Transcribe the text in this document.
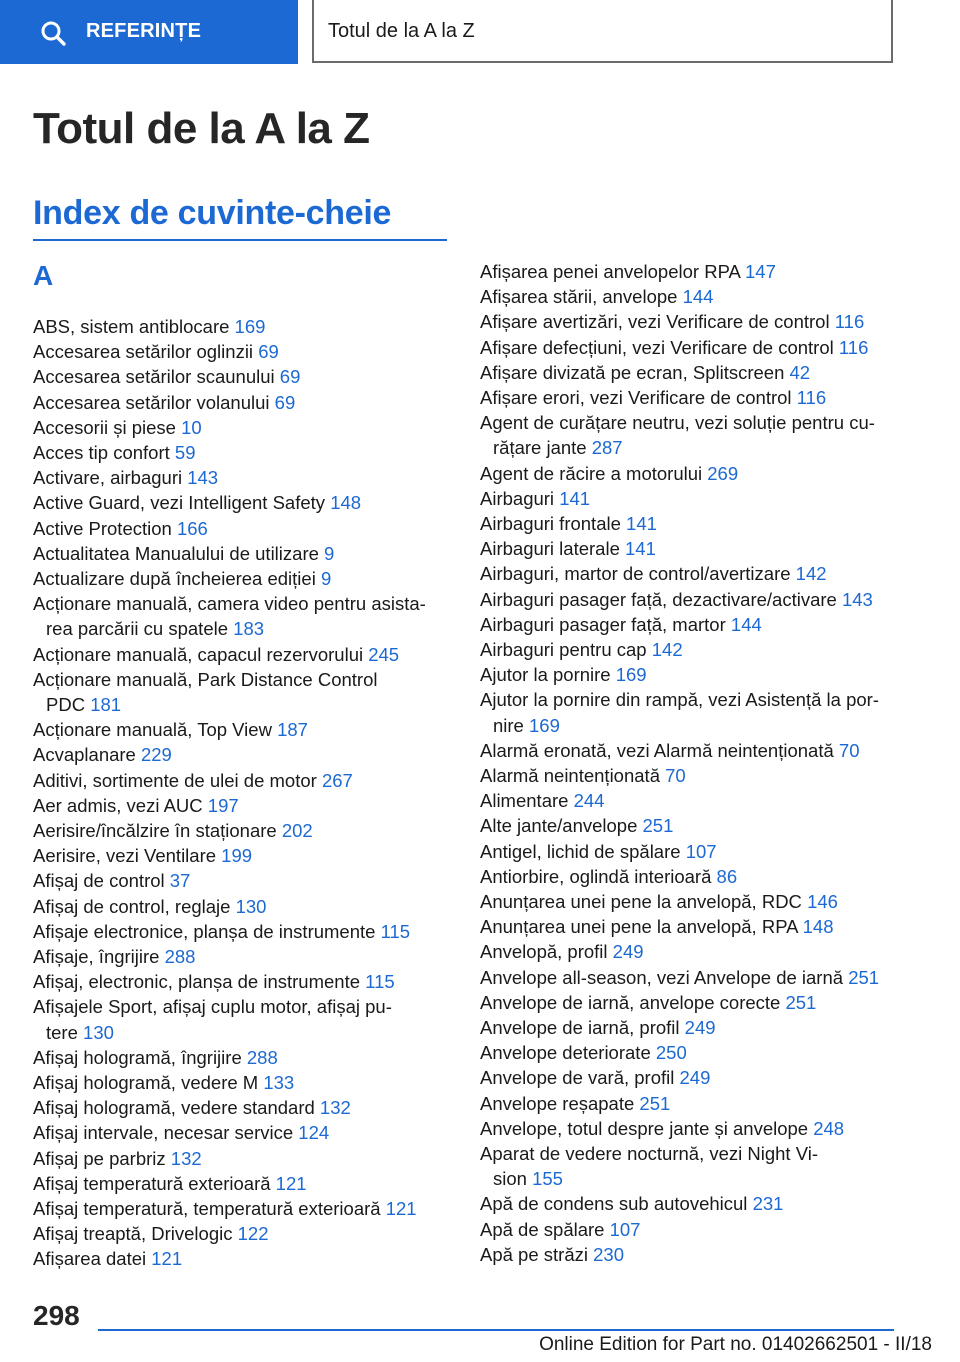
REFERINȚE	Totul de la A la Z
Totul de la A la Z
Index de cuvinte-cheie
A
ABS, sistem antiblocare 169
Accesarea setărilor oglinzii 69
Accesarea setărilor scaunului 69
Accesarea setărilor volanului 69
Accesorii și piese 10
Acces tip confort 59
Activare, airbaguri 143
Active Guard, vezi Intelligent Safety 148
Active Protection 166
Actualitatea Manualului de utilizare 9
Actualizare după încheierea ediției 9
Acționare manuală, camera video pentru asista-
rea parcării cu spatele 183
Acționare manuală, capacul rezervorului 245
Acționare manuală, Park Distance Control
PDC 181
Acționare manuală, Top View 187
Acvaplanare 229
Aditivi, sortimente de ulei de motor 267
Aer admis, vezi AUC 197
Aerisire/încălzire în staționare 202
Aerisire, vezi Ventilare 199
Afișaj de control 37
Afișaj de control, reglaje 130
Afișaje electronice, planșa de instrumente 115
Afișaje, îngrijire 288
Afișaj, electronic, planșa de instrumente 115
Afișajele Sport, afișaj cuplu motor, afișaj pu-
tere 130
Afișaj hologramă, îngrijire 288
Afișaj hologramă, vedere M 133
Afișaj hologramă, vedere standard 132
Afișaj intervale, necesar service 124
Afișaj pe parbriz 132
Afișaj temperatură exterioară 121
Afișaj temperatură, temperatură exterioară 121
Afișaj treaptă, Drivelogic 122
Afișarea datei 121
Afișarea penei anvelopelor RPA 147
Afișarea stării, anvelope 144
Afișare avertizări, vezi Verificare de control 116
Afișare defecțiuni, vezi Verificare de control 116
Afișare divizată pe ecran, Splitscreen 42
Afișare erori, vezi Verificare de control 116
Agent de curățare neutru, vezi soluție pentru cu-
rățare jante 287
Agent de răcire a motorului 269
Airbaguri 141
Airbaguri frontale 141
Airbaguri laterale 141
Airbaguri, martor de control/avertizare 142
Airbaguri pasager față, dezactivare/activare 143
Airbaguri pasager față, martor 144
Airbaguri pentru cap 142
Ajutor la pornire 169
Ajutor la pornire din rampă, vezi Asistență la por-
nire 169
Alarmă eronată, vezi Alarmă neintenționată 70
Alarmă neintenționată 70
Alimentare 244
Alte jante/anvelope 251
Antigel, lichid de spălare 107
Antiorbire, oglindă interioară 86
Anunțarea unei pene la anvelopă, RDC 146
Anunțarea unei pene la anvelopă, RPA 148
Anvelopă, profil 249
Anvelope all-season, vezi Anvelope de iarnă 251
Anvelope de iarnă, anvelope corecte 251
Anvelope de iarnă, profil 249
Anvelope deteriorate 250
Anvelope de vară, profil 249
Anvelope reșapate 251
Anvelope, totul despre jante și anvelope 248
Aparat de vedere nocturnă, vezi Night Vi-
sion 155
Apă de condens sub autovehicul 231
Apă de spălare 107
Apă pe străzi 230
298
Online Edition for Part no. 01402662501 - II/18
